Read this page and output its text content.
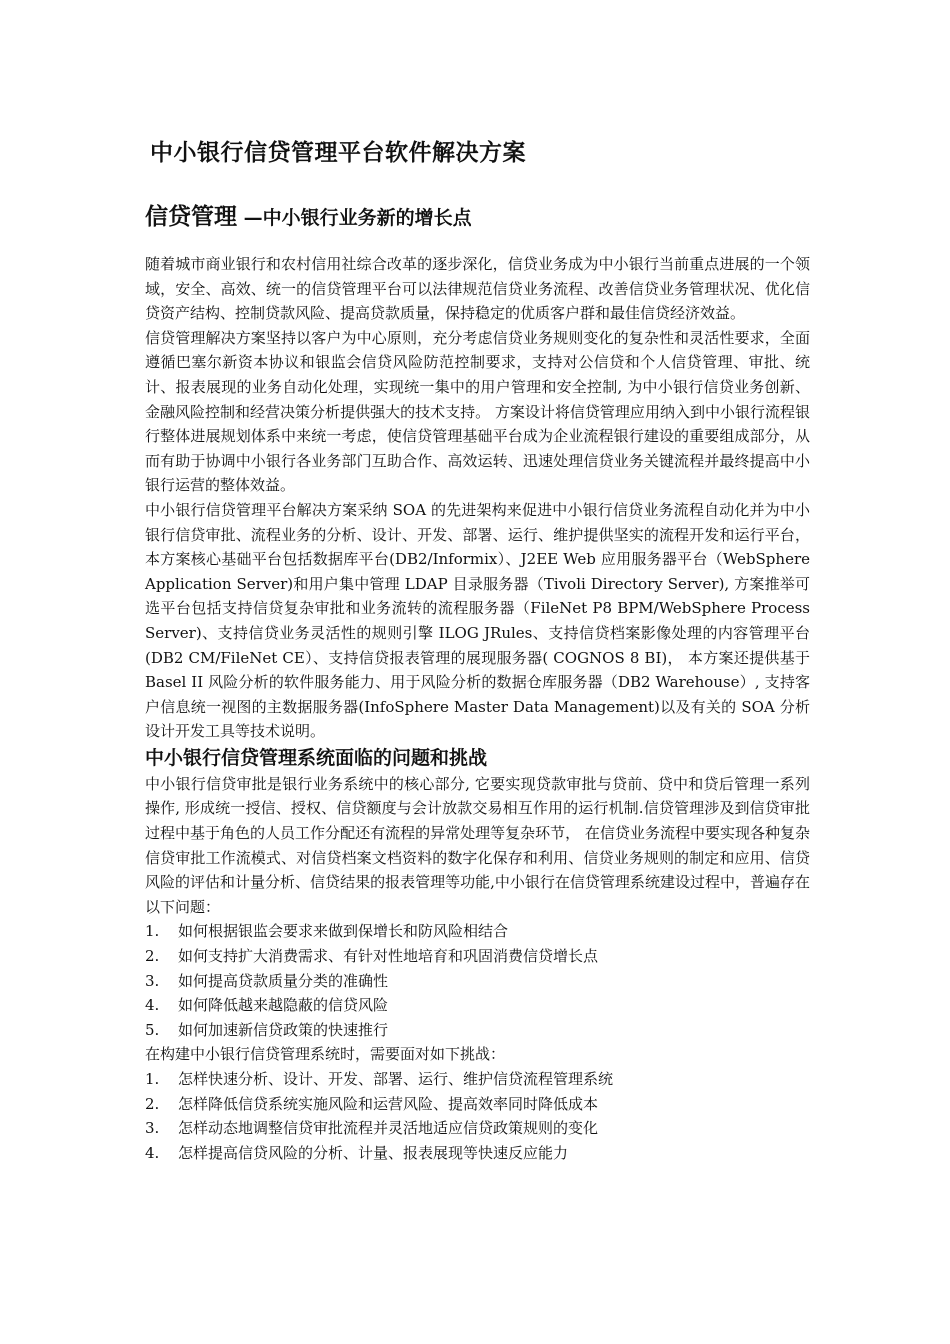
中小银行信贷管理平台软件解决方案
信贷管理 —中小银行业务新的增长点

随着城市商业银行和农村信用社综合改革的逐步深化，信贷业务成为中小银行当前重点进展的一个领域，安全、高效、统一的信贷管理平台可以法律规范信贷业务流程、改善信贷业务管理状况、优化信贷资产结构、控制贷款风险、提高贷款质量，保持稳定的优质客户群和最佳信贷经济效益。

信贷管理解决方案坚持以客户为中心原则，充分考虑信贷业务规则变化的复杂性和灵活性要求，全面遵循巴塞尔新资本协议和银监会信贷风险防范控制要求，支持对公信贷和个人信贷管理、审批、统计、报表展现的业务自动化处理，实现统一集中的用户管理和安全控制, 为中小银行信贷业务创新、金融风险控制和经营决策分析提供强大的技术支持。 方案设计将信贷管理应用纳入到中小银行流程银行整体进展规划体系中来统一考虑，使信贷管理基础平台成为企业流程银行建设的重要组成部分，从而有助于协调中小银行各业务部门互助合作、高效运转、迅速处理信贷业务关键流程并最终提高中小银行运营的整体效益。

中小银行信贷管理平台解决方案采纳 SOA 的先进架构来促进中小银行信贷业务流程自动化并为中小银行信贷审批、流程业务的分析、设计、开发、部署、运行、维护提供坚实的流程开发和运行平台，本方案核心基础平台包括数据库平台(DB2/Informix）、J2EE Web 应用服务器平台（WebSphere Application Server)和用户集中管理 LDAP 目录服务器（Tivoli Directory Server), 方案推举可选平台包括支持信贷复杂审批和业务流转的流程服务器（FileNet P8 BPM/WebSphere Process Server)、支持信贷业务灵活性的规则引擎 ILOG JRules、支持信贷档案影像处理的内容管理平台(DB2 CM/FileNet CE）、支持信贷报表管理的展现服务器( COGNOS 8 BI)， 本方案还提供基于 Basel II 风险分析的软件服务能力、用于风险分析的数据仓库服务器（DB2 Warehouse）, 支持客户信息统一视图的主数据服务器(InfoSphere Master Data Management)以及有关的 SOA 分析设计开发工具等技术说明。

中小银行信贷管理系统面临的问题和挑战

中小银行信贷审批是银行业务系统中的核心部分, 它要实现贷款审批与贷前、贷中和贷后管理一系列操作, 形成统一授信、授权、信贷额度与会计放款交易相互作用的运行机制.信贷管理涉及到信贷审批过程中基于角色的人员工作分配还有流程的异常处理等复杂环节， 在信贷业务流程中要实现各种复杂信贷审批工作流模式、对信贷档案文档资料的数字化保存和利用、信贷业务规则的制定和应用、信贷风险的评估和计量分析、信贷结果的报表管理等功能,中小银行在信贷管理系统建设过程中，普遍存在以下问题：

1. 如何根据银监会要求来做到保增长和防风险相结合
2. 如何支持扩大消费需求、有针对性地培育和巩固消费信贷增长点
3. 如何提高贷款质量分类的准确性
4. 如何降低越来越隐蔽的信贷风险
5. 如何加速新信贷政策的快速推行

在构建中小银行信贷管理系统时，需要面对如下挑战：

1. 怎样快速分析、设计、开发、部署、运行、维护信贷流程管理系统
2. 怎样降低信贷系统实施风险和运营风险、提高效率同时降低成本
3. 怎样动态地调整信贷审批流程并灵活地适应信贷政策规则的变化
4. 怎样提高信贷风险的分析、计量、报表展现等快速反应能力
